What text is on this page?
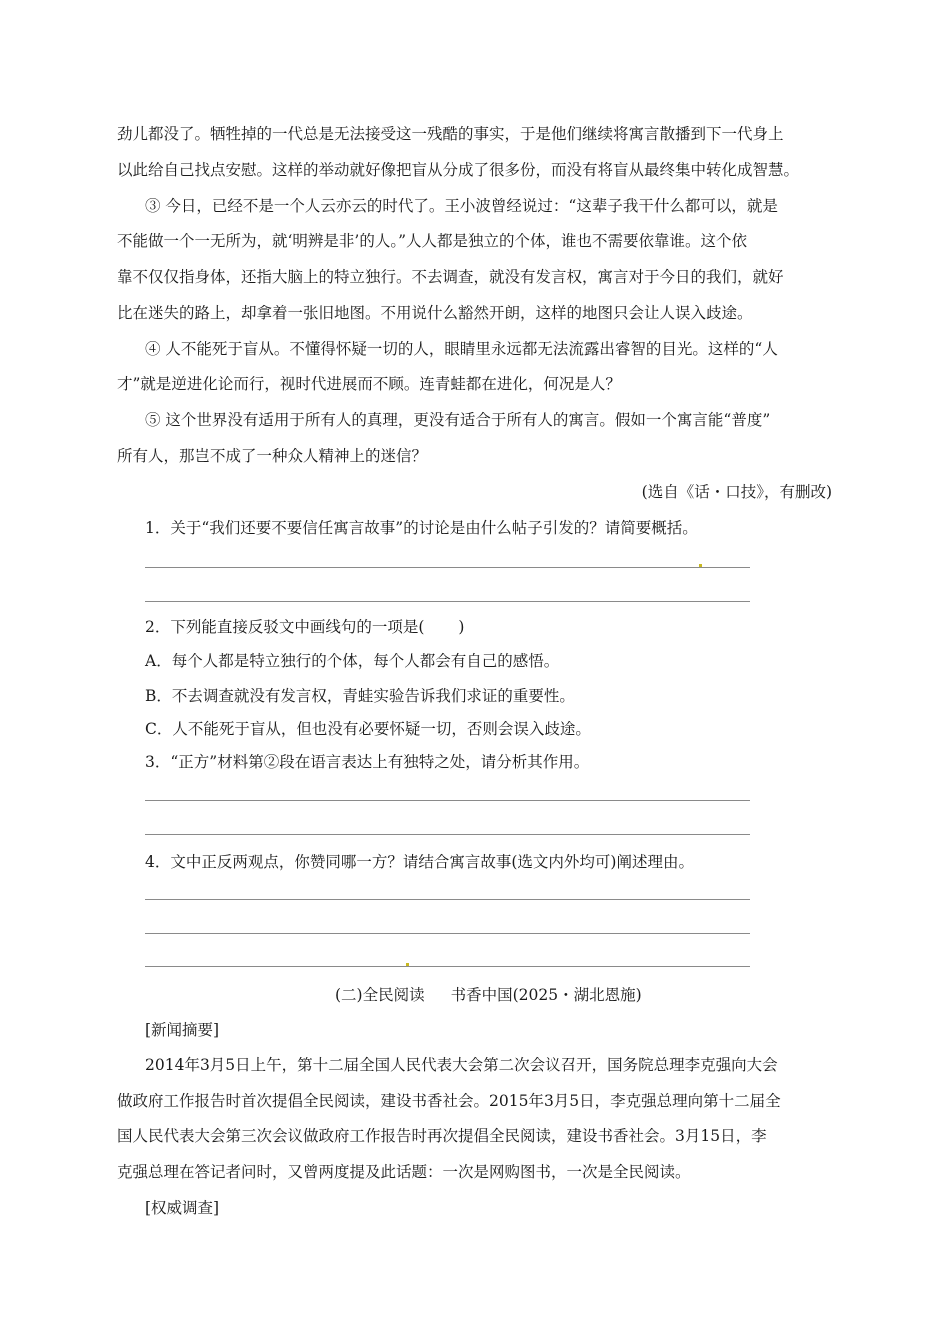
劲儿都没了。牺牲掉的一代总是无法接受这一残酷的事实，于是他们继续将寓言散播到下一代身上
以此给自己找点安慰。这样的举动就好像把盲从分成了很多份，而没有将盲从最终集中转化成智慧。
③ 今日，已经不是一个人云亦云的时代了。王小波曾经说过：“这辈子我干什么都可以，就是
不能做一个一无所为，就‘明辨是非’的人。”人人都是独立的个体，谁也不需要依靠谁。这个依
靠不仅仅指身体，还指大脑上的特立独行。不去调查，就没有发言权，寓言对于今日的我们，就好
比在迷失的路上，却拿着一张旧地图。不用说什么豁然开朗，这样的地图只会让人误入歧途。
④ 人不能死于盲从。不懂得怀疑一切的人，眼睛里永远都无法流露出睿智的目光。这样的“人
才”就是逆进化论而行，视时代进展而不顾。连青蛙都在进化，何况是人？
⑤ 这个世界没有适用于所有人的真理，更没有适合于所有人的寓言。假如一个寓言能“普度”
所有人，那岂不成了一种众人精神上的迷信？
(选自《话・口技》，有删改)
1．关于“我们还要不要信任寓言故事”的讨论是由什么帖子引发的？请简要概括。
2．下列能直接反驳文中画线句的一项是( )
A．每个人都是特立独行的个体，每个人都会有自己的感悟。
B．不去调查就没有发言权，青蛙实验告诉我们求证的重要性。
C．人不能死于盲从，但也没有必要怀疑一切，否则会误入歧途。
3．“正方”材料第②段在语言表达上有独特之处，请分析其作用。
4．文中正反两观点，你赞同哪一方？请结合寓言故事(选文内外均可)阐述理由。
(二)全民阅读 书香中国(2025・湖北恩施)
[新闻摘要]
2014年3月5日上午，第十二届全国人民代表大会第二次会议召开，国务院总理李克强向大会
做政府工作报告时首次提倡全民阅读，建设书香社会。2015年3月5日，李克强总理向第十二届全
国人民代表大会第三次会议做政府工作报告时再次提倡全民阅读，建设书香社会。3月15日，李
克强总理在答记者问时，又曾两度提及此话题：一次是网购图书，一次是全民阅读。
[权威调查]
